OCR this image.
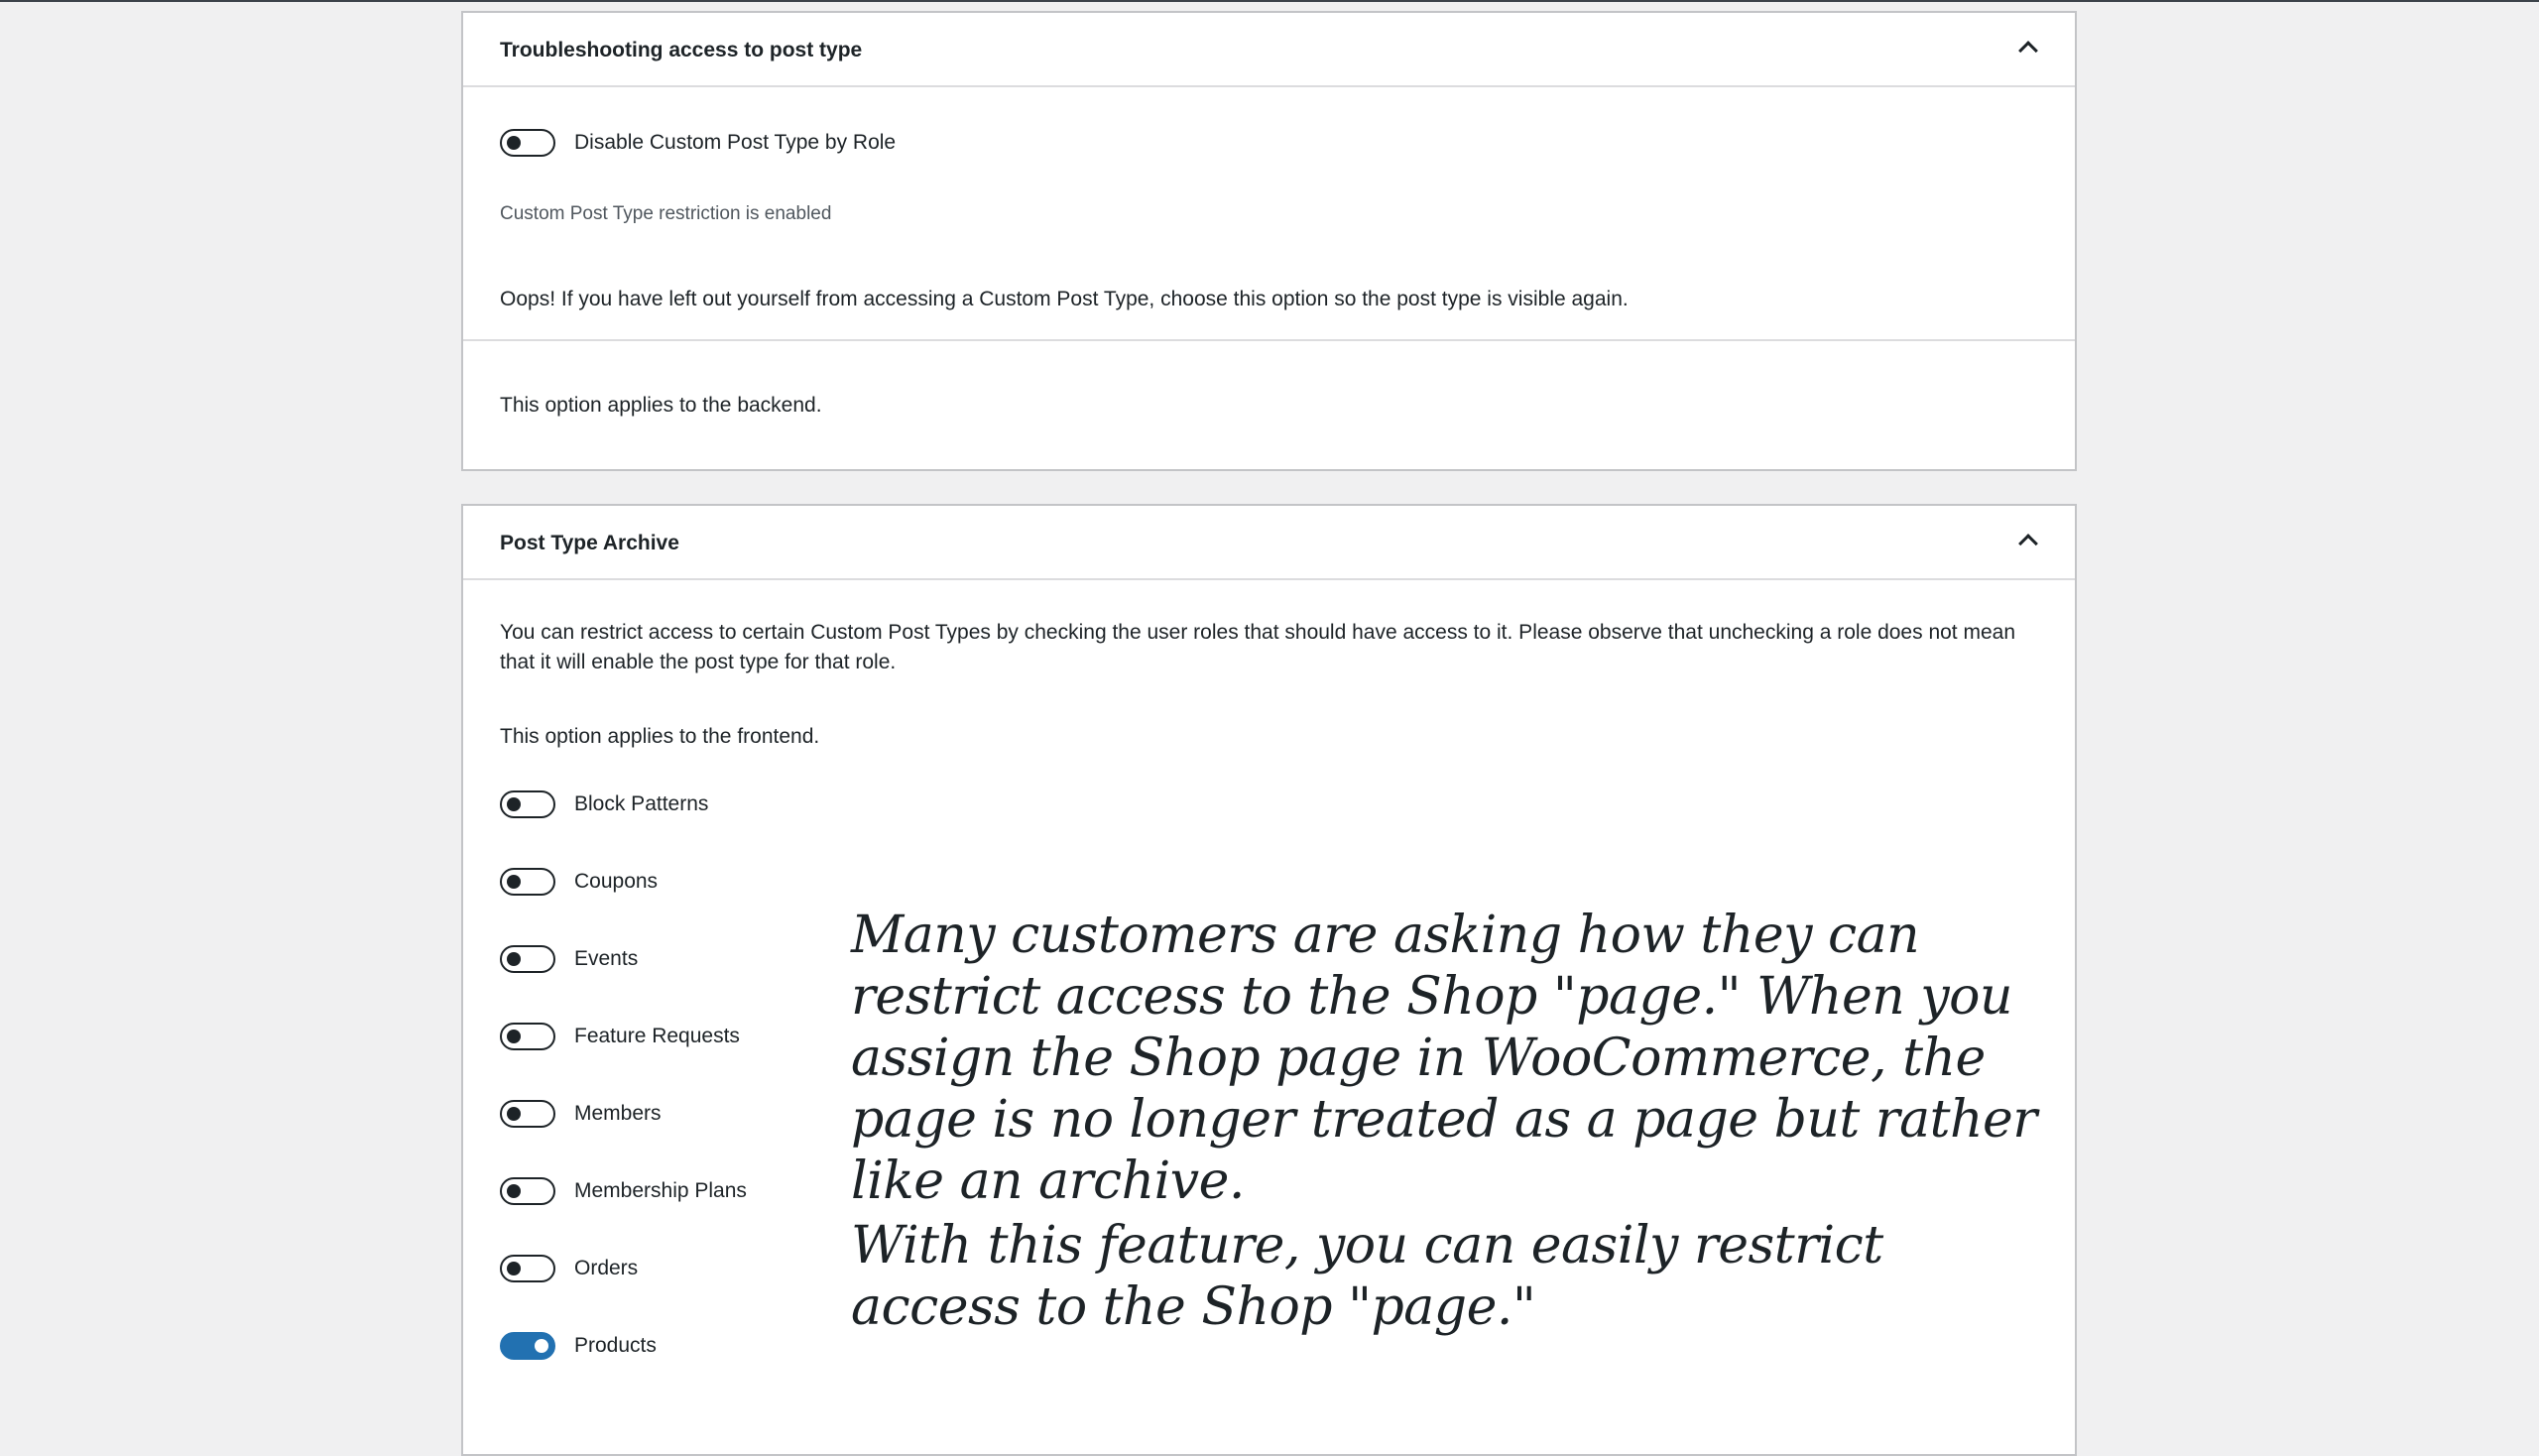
Troubleshooting access to post type
Disable Custom Post Type by Role
Custom Post Type restriction is enabled
Oops! If you have left out yourself from accessing a Custom Post Type, choose this option so the post type is visible again.
This option applies to the backend.
Post Type Archive
You can restrict access to certain Custom Post Types by checking the user roles that should have access to it. Please observe that unchecking a role does not mean that it will enable the post type for that role.
This option applies to the frontend.
Block Patterns
Coupons
Events
Feature Requests
Members
Membership Plans
Orders
Products
Many customers are asking how they can restrict access to the Shop "page." When you assign the Shop page in WooCommerce, the page is no longer treated as a page but rather like an archive.
With this feature, you can easily restrict access to the Shop "page."
